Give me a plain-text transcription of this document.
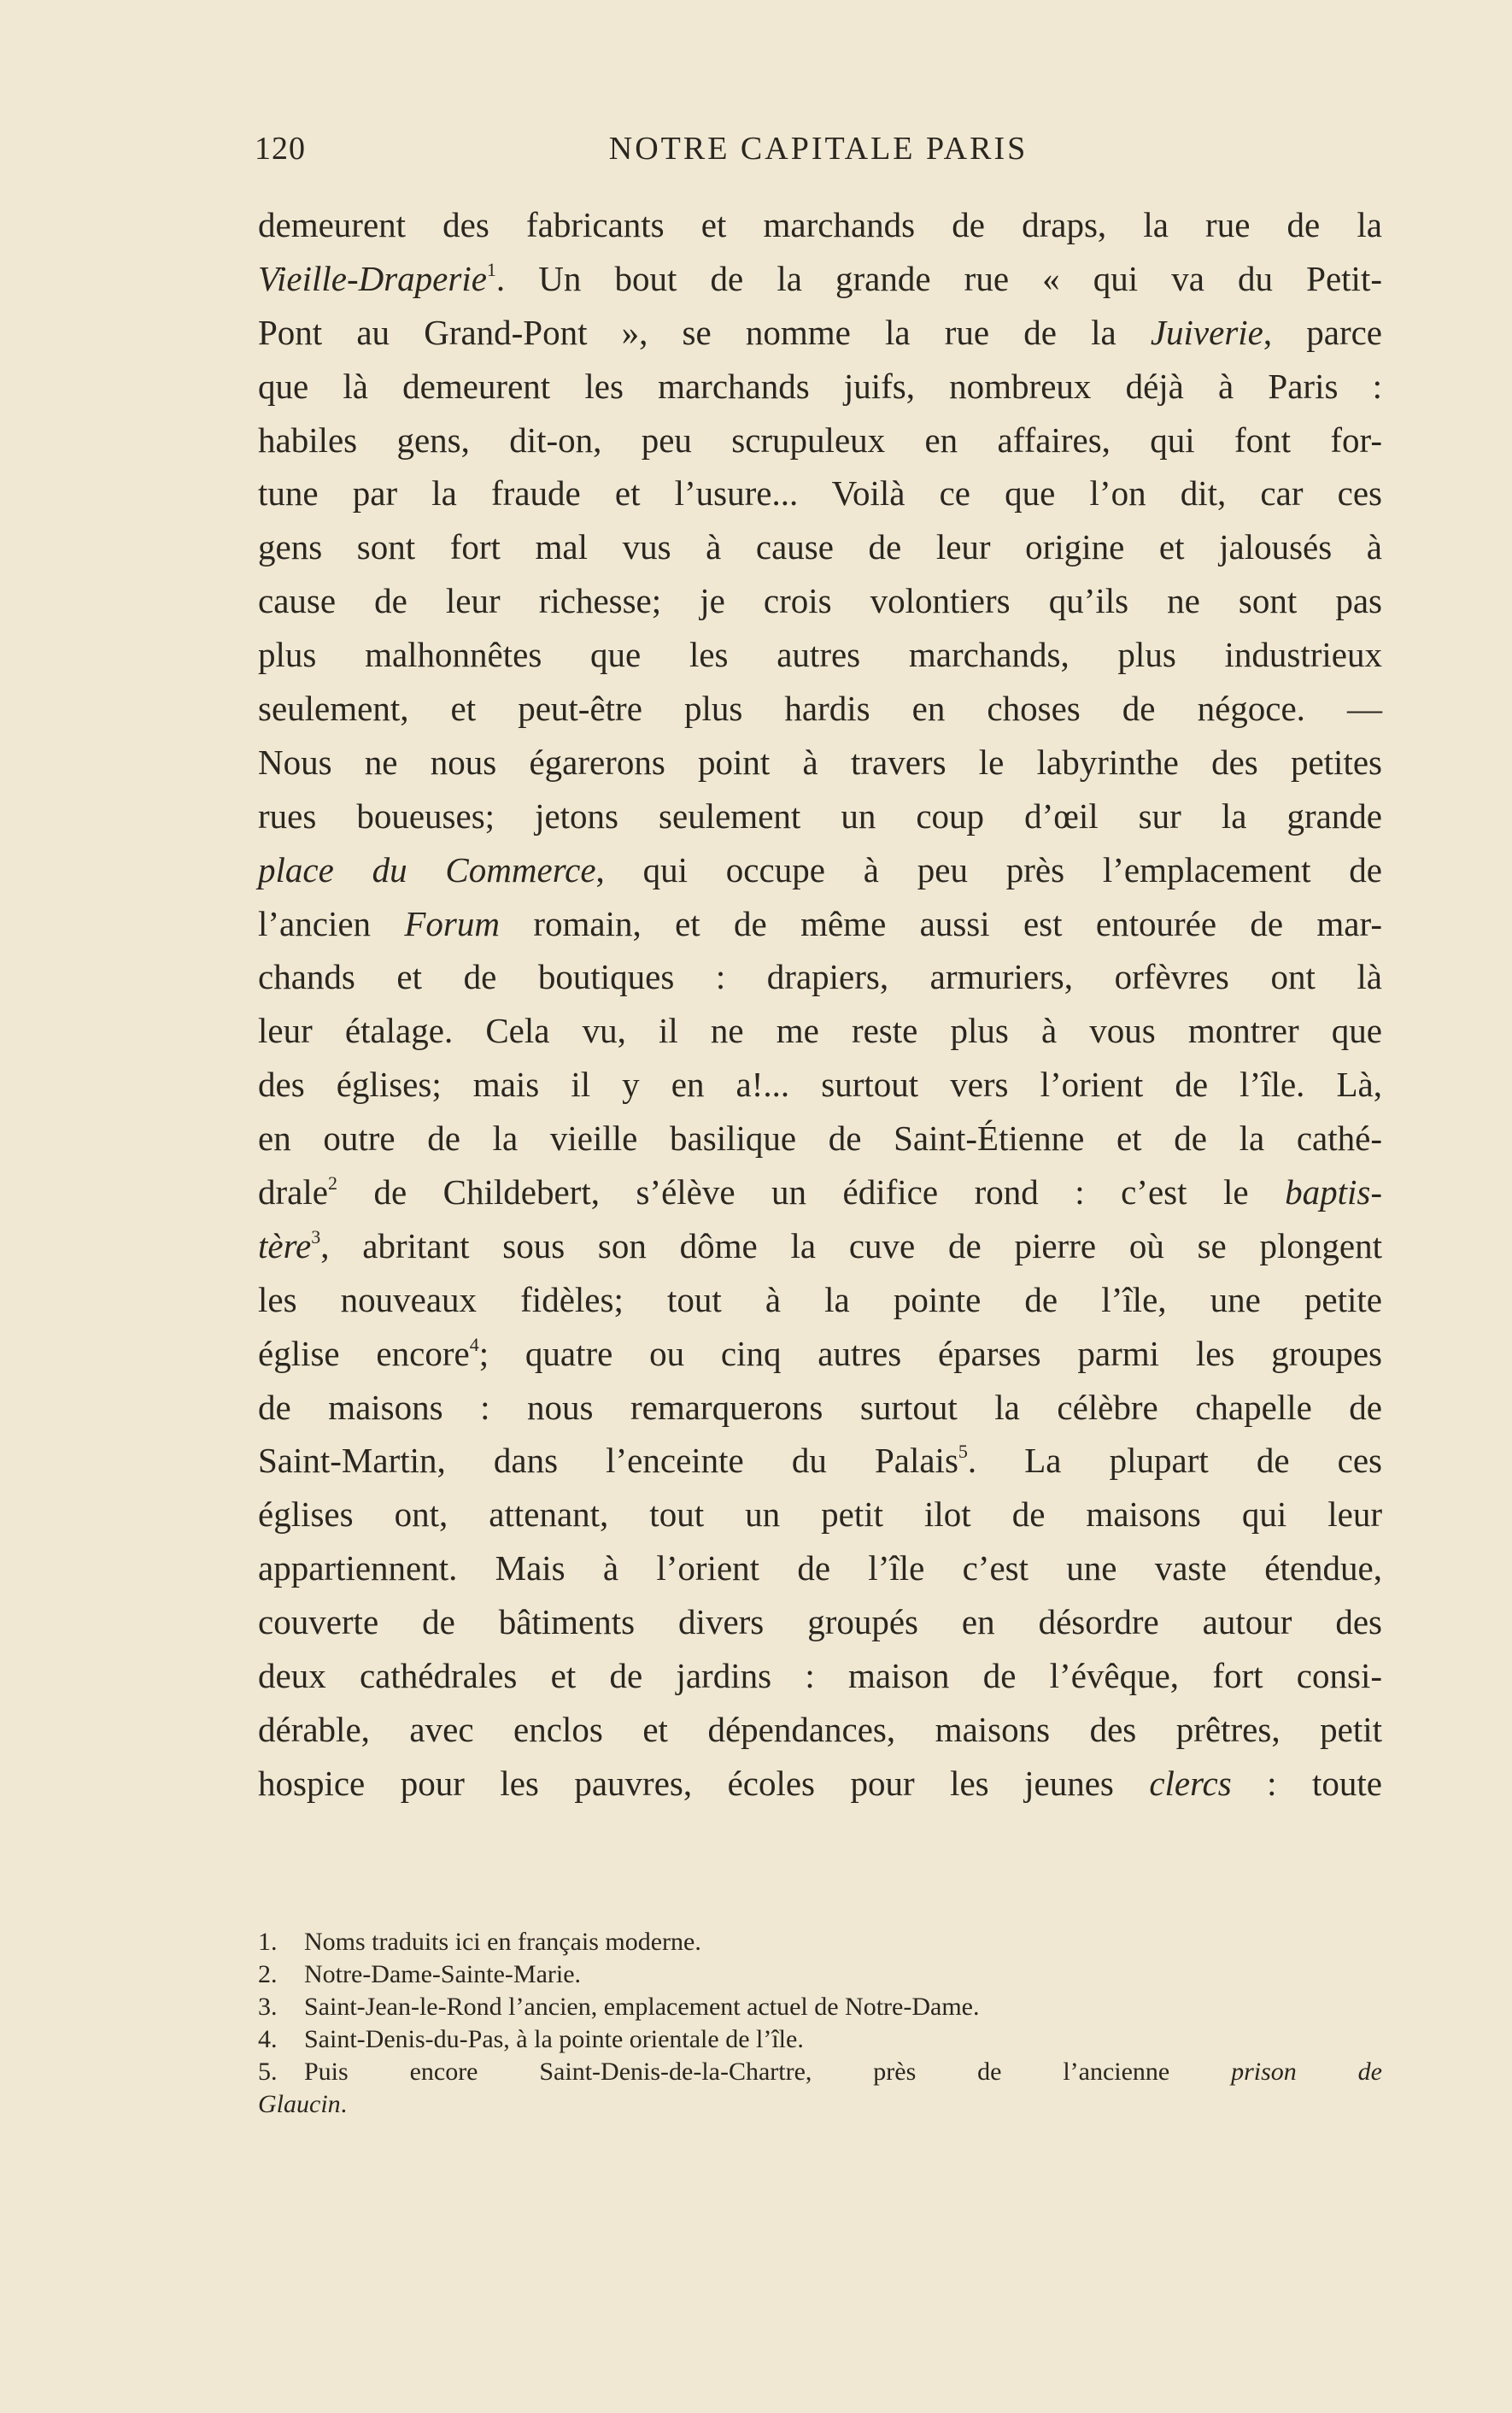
120	NOTRE CAPITALE PARIS
demeurent des fabricants et marchands de draps, la rue de la
Vieille-Draperie$^1$. Un bout de la grande rue « qui va du Petit-
Pont au Grand-Pont », se nomme la rue de la Juiverie, parce
que là demeurent les marchands juifs, nombreux déjà à Paris :
habiles gens, dit-on, peu scrupuleux en affaires, qui font for-
tune par la fraude et l’usure... Voilà ce que l’on dit, car ces
gens sont fort mal vus à cause de leur origine et jalousés à
cause de leur richesse; je crois volontiers qu’ils ne sont pas
plus malhonnêtes que les autres marchands, plus industrieux
seulement, et peut-être plus hardis en choses de négoce. —
Nous ne nous égarerons point à travers le labyrinthe des petites
rues boueuses; jetons seulement un coup d’œil sur la grande
place du Commerce, qui occupe à peu près l’emplacement de
l’ancien Forum romain, et de même aussi est entourée de mar-
chands et de boutiques : drapiers, armuriers, orfèvres ont là
leur étalage. Cela vu, il ne me reste plus à vous montrer que
des églises; mais il y en a!... surtout vers l’orient de l’île. Là,
en outre de la vieille basilique de Saint-Étienne et de la cathé-
drale$^2$ de Childebert, s’élève un édifice rond : c’est le baptis-
tère$^3$, abritant sous son dôme la cuve de pierre où se plongent
les nouveaux fidèles; tout à la pointe de l’île, une petite
église encore$^4$; quatre ou cinq autres éparses parmi les groupes
de maisons : nous remarquerons surtout la célèbre chapelle de
Saint-Martin, dans l’enceinte du Palais$^5$. La plupart de ces
églises ont, attenant, tout un petit ilot de maisons qui leur
appartiennent. Mais à l’orient de l’île c’est une vaste étendue,
couverte de bâtiments divers groupés en désordre autour des
deux cathédrales et de jardins : maison de l’évêque, fort consi-
dérable, avec enclos et dépendances, maisons des prêtres, petit
hospice pour les pauvres, écoles pour les jeunes clercs : toute
1. Noms traduits ici en français moderne.
2. Notre-Dame-Sainte-Marie.
3. Saint-Jean-le-Rond l’ancien, emplacement actuel de Notre-Dame.
4. Saint-Denis-du-Pas, à la pointe orientale de l’île.
5. Puis encore Saint-Denis-de-la-Chartre, près de l’ancienne prison de
Glaucin.
